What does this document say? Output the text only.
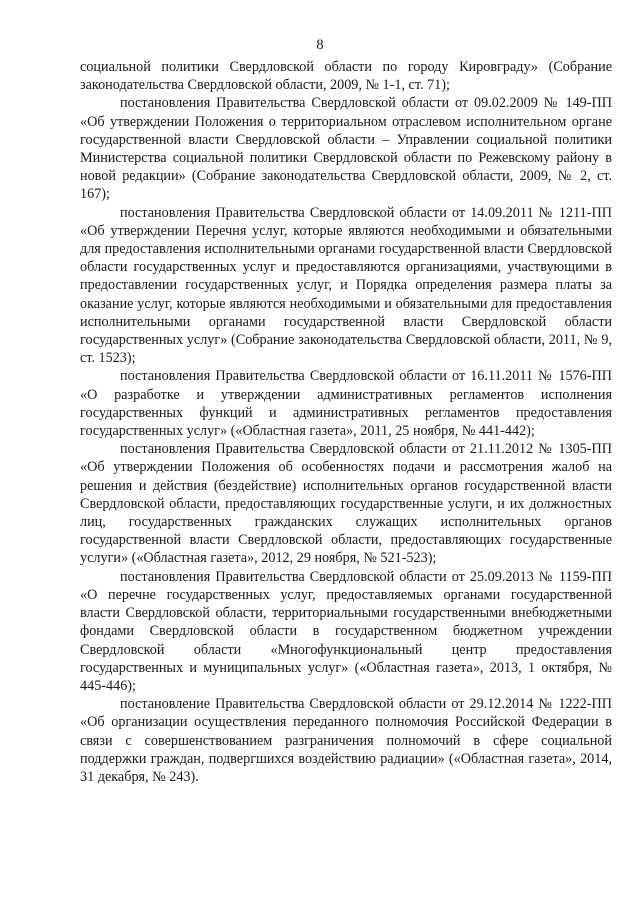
8

социальной политики Свердловской области по городу Кировграду» (Собрание законодательства Свердловской области, 2009, № 1-1, ст. 71);

постановления Правительства Свердловской области от 09.02.2009 № 149-ПП «Об утверждении Положения о территориальном отраслевом исполнительном органе государственной власти Свердловской области – Управлении социальной политики Министерства социальной политики Свердловской области по Режевскому району в новой редакции» (Собрание законодательства Свердловской области, 2009, № 2, ст. 167);

постановления Правительства Свердловской области от 14.09.2011 № 1211-ПП «Об утверждении Перечня услуг, которые являются необходимыми и обязательными для предоставления исполнительными органами государственной власти Свердловской области государственных услуг и предоставляются организациями, участвующими в предоставлении государственных услуг, и Порядка определения размера платы за оказание услуг, которые являются необходимыми и обязательными для предоставления исполнительными органами государственной власти Свердловской области государственных услуг» (Собрание законодательства Свердловской области, 2011, № 9, ст. 1523);

постановления Правительства Свердловской области от 16.11.2011 № 1576-ПП «О разработке и утверждении административных регламентов исполнения государственных функций и административных регламентов предоставления государственных услуг» («Областная газета», 2011, 25 ноября, № 441-442);

постановления Правительства Свердловской области от 21.11.2012 № 1305-ПП «Об утверждении Положения об особенностях подачи и рассмотрения жалоб на решения и действия (бездействие) исполнительных органов государственной власти Свердловской области, предоставляющих государственные услуги, и их должностных лиц, государственных гражданских служащих исполнительных органов государственной власти Свердловской области, предоставляющих государственные услуги» («Областная газета», 2012, 29 ноября, № 521-523);

постановления Правительства Свердловской области от 25.09.2013 № 1159-ПП «О перечне государственных услуг, предоставляемых органами государственной власти Свердловской области, территориальными государственными внебюджетными фондами Свердловской области в государственном бюджетном учреждении Свердловской области «Многофункциональный центр предоставления государственных и муниципальных услуг» («Областная газета», 2013, 1 октября, № 445-446);

постановление Правительства Свердловской области от 29.12.2014 № 1222-ПП «Об организации осуществления переданного полномочия Российской Федерации в связи с совершенствованием разграничения полномочий в сфере социальной поддержки граждан, подвергшихся воздействию радиации» («Областная газета», 2014, 31 декабря, № 243).
